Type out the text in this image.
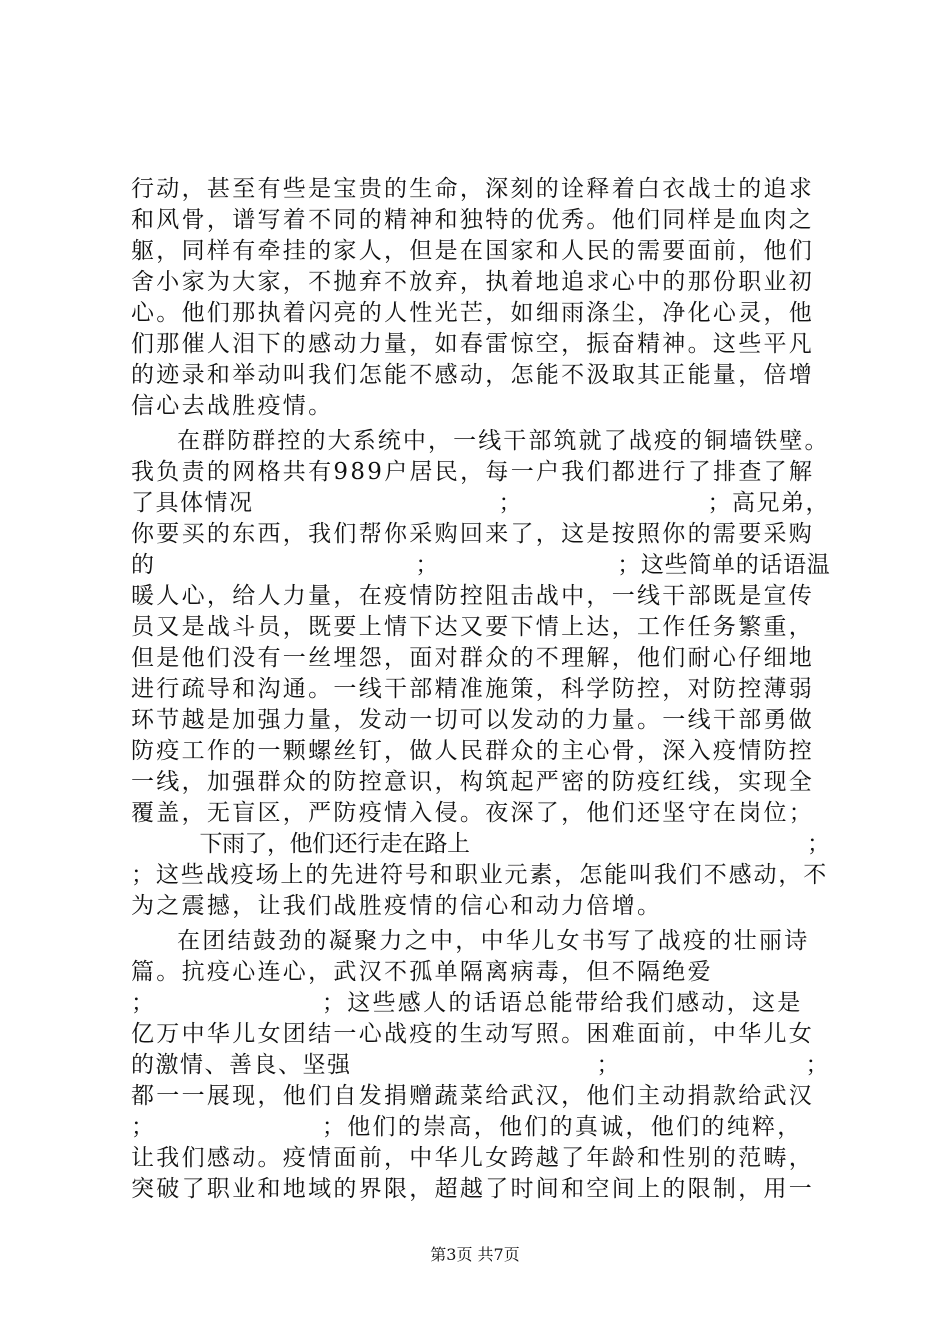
行动，甚至有些是宝贵的生命，深刻的诠释着白衣战士的追求
和风骨，谱写着不同的精神和独特的优秀。他们同样是血肉之
躯，同样有牵挂的家人，但是在国家和人民的需要面前，他们
舍小家为大家，不抛弃不放弃，执着地追求心中的那份职业初
心。他们那执着闪亮的人性光芒，如细雨涤尘，净化心灵，他
们那催人泪下的感动力量，如春雷惊空，振奋精神。这些平凡
的迹录和举动叫我们怎能不感动，怎能不汲取其正能量，倍增
信心去战胜疫情。
在群防群控的大系统中，一线干部筑就了战疫的铜墙铁壁。
我负责的网格共有989户居民，每一户我们都进行了排查了解
了具体情况　　　　　　　　　　；　　　　　　　　；高兄弟，
你要买的东西，我们帮你采购回来了，这是按照你的需要采购
的　　　　　　　　　　　；　　　　　　　　；这些简单的话语温
暖人心，给人力量，在疫情防控阻击战中，一线干部既是宣传
员又是战斗员，既要上情下达又要下情上达，工作任务繁重，
但是他们没有一丝埋怨，面对群众的不理解，他们耐心仔细地
进行疏导和沟通。一线干部精准施策，科学防控，对防控薄弱
环节越是加强力量，发动一切可以发动的力量。一线干部勇做
防疫工作的一颗螺丝钉，做人民群众的主心骨，深入疫情防控
一线，加强群众的防控意识，构筑起严密的防疫红线，实现全
覆盖，无盲区，严防疫情入侵。夜深了，他们还坚守在岗位；
　下雨了，他们还行走在路上　　　　　　　　　　　　　　　；
；这些战疫场上的先进符号和职业元素，怎能叫我们不感动，不
为之震撼，让我们战胜疫情的信心和动力倍增。
在团结鼓劲的凝聚力之中，中华儿女书写了战疫的壮丽诗
篇。抗疫心连心，武汉不孤单隔离病毒，但不隔绝爱
；　　　　　　　；这些感人的话语总能带给我们感动，这是
亿万中华儿女团结一心战疫的生动写照。困难面前，中华儿女
的激情、善良、坚强　　　　　　　　　　；　　　　　　　　；
都一一展现，他们自发捐赠蔬菜给武汉，他们主动捐款给武汉
；　　　　　　　；他们的崇高，他们的真诚，他们的纯粹，
让我们感动。疫情面前，中华儿女跨越了年龄和性别的范畴，
突破了职业和地域的界限，超越了时间和空间上的限制，用一
第3页 共7页
